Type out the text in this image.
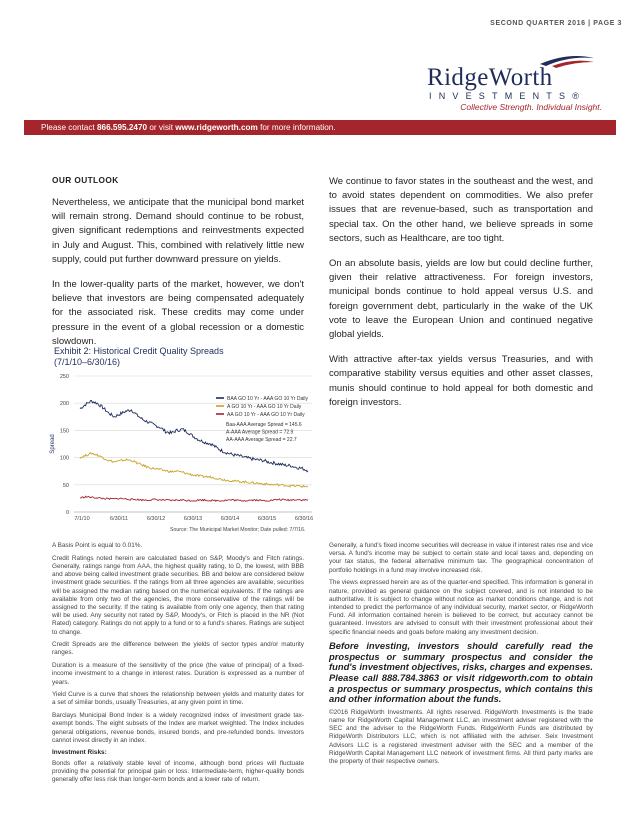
SECOND QUARTER 2016 | PAGE 3
RidgeWorth
INVESTMENTS®
Collective Strength. Individual Insight.
Please contact 866.595.2470 or visit www.ridgeworth.com for more information.
OUR OUTLOOK

Nevertheless, we anticipate that the municipal bond market will remain strong. Demand should continue to be robust, given significant redemptions and reinvestments expected in July and August. This, combined with relatively little new supply, could put further downward pressure on yields.

In the lower-quality parts of the market, however, we don't believe that investors are being compensated adequately for the associated risk. These credits may come under pressure in the event of a global recession or a domestic slowdown.

We continue to favor states in the southeast and the west, and to avoid states dependent on commodities. We also prefer issues that are revenue-based, such as transportation and special tax. On the other hand, we believe spreads in some sectors, such as Healthcare, are too tight.

On an absolute basis, yields are low but could decline further, given their relative attractiveness. For foreign investors, municipal bonds continue to hold appeal versus U.S. and foreign government debt, particularly in the wake of the UK vote to leave the European Union and continued negative global yields.

With attractive after-tax yields versus Treasuries, and with comparative stability versus equities and other asset classes, munis should continue to hold appeal for both domestic and foreign investors.

Exhibit 2: Historical Credit Quality Spreads
(7/1/10–6/30/16)
0
50
100
150
200
250
7/1/10	6/30/11	6/30/12	6/30/13	6/30/14	6/30/15	6/30/16
Spread
BAA GO 10 Yr - AAA GO 10 Yr Daily
A GO 10 Yr - AAA GO 10 Yr Daily
AA GO 10 Yr - AAA GO 10 Yr Daily
Baa-AAA Average Spread = 145.6
A-AAA Average Spread = 72.9
AA-AAA Average Spread = 22.7
Source: The Municipal Market Monitor; Date pulled: 7/7/16.

A Basis Point is equal to 0.01%.

Credit Ratings noted herein are calculated based on S&P, Moody's and Fitch ratings. Generally, ratings range from AAA, the highest quality rating, to D, the lowest, with BBB and above being called investment grade securities. BB and below are considered below investment grade securities. If the ratings from all three agencies are available, securities will be assigned the median rating based on the numerical equivalents. If the ratings are available from only two of the agencies, the more conservative of the ratings will be assigned to the security. If the rating is available from only one agency, then that rating will be used. Any security not rated by S&P, Moody's, or Fitch is placed in the NR (Not Rated) category. Ratings do not apply to a fund or to a fund's shares. Ratings are subject to change.

Credit Spreads are the difference between the yields of sector types and/or maturity ranges.

Duration is a measure of the sensitivity of the price (the value of principal) of a fixed-income investment to a change in interest rates. Duration is expressed as a number of years.

Yield Curve is a curve that shows the relationship between yields and maturity dates for a set of similar bonds, usually Treasuries, at any given point in time.

Barclays Municipal Bond Index is a widely recognized index of investment grade tax-exempt bonds. The eight subsets of the Index are market weighted. The Index includes general obligations, revenue bonds, insured bonds, and pre-refunded bonds. Investors cannot invest directly in an index.

Investment Risks:

Bonds offer a relatively stable level of income, although bond prices will fluctuate providing the potential for principal gain or loss. Intermediate-term, higher-quality bonds generally offer less risk than longer-term bonds and a lower rate of return.

Generally, a fund's fixed income securities will decrease in value if interest rates rise and vice versa. A fund's income may be subject to certain state and local taxes and, depending on your tax status, the federal alternative minimum tax. The geographical concentration of portfolio holdings in a fund may involve increased risk.

The views expressed herein are as of the quarter-end specified. This information is general in nature, provided as general guidance on the subject covered, and is not intended to be authoritative. It is subject to change without notice as market conditions change, and is not intended to predict the performance of any individual security, market sector, or RidgeWorth Fund. All information contained herein is believed to be correct, but accuracy cannot be guaranteed. Investors are advised to consult with their investment professional about their specific financial needs and goals before making any investment decision.

Before investing, investors should carefully read the prospectus or summary prospectus and consider the fund's investment objectives, risks, charges and expenses. Please call 888.784.3863 or visit ridgeworth.com to obtain a prospectus or summary prospectus, which contains this and other information about the funds.

©2016 RidgeWorth Investments. All rights reserved. RidgeWorth Investments is the trade name for RidgeWorth Capital Management LLC, an investment adviser registered with the SEC and the adviser to the RidgeWorth Funds. RidgeWorth Funds are distributed by RidgeWorth Distributors LLC, which is not affiliated with the adviser. Seix Investment Advisors LLC is a registered investment adviser with the SEC and a member of the RidgeWorth Capital Management LLC network of investment firms. All third party marks are the property of their respective owners.
